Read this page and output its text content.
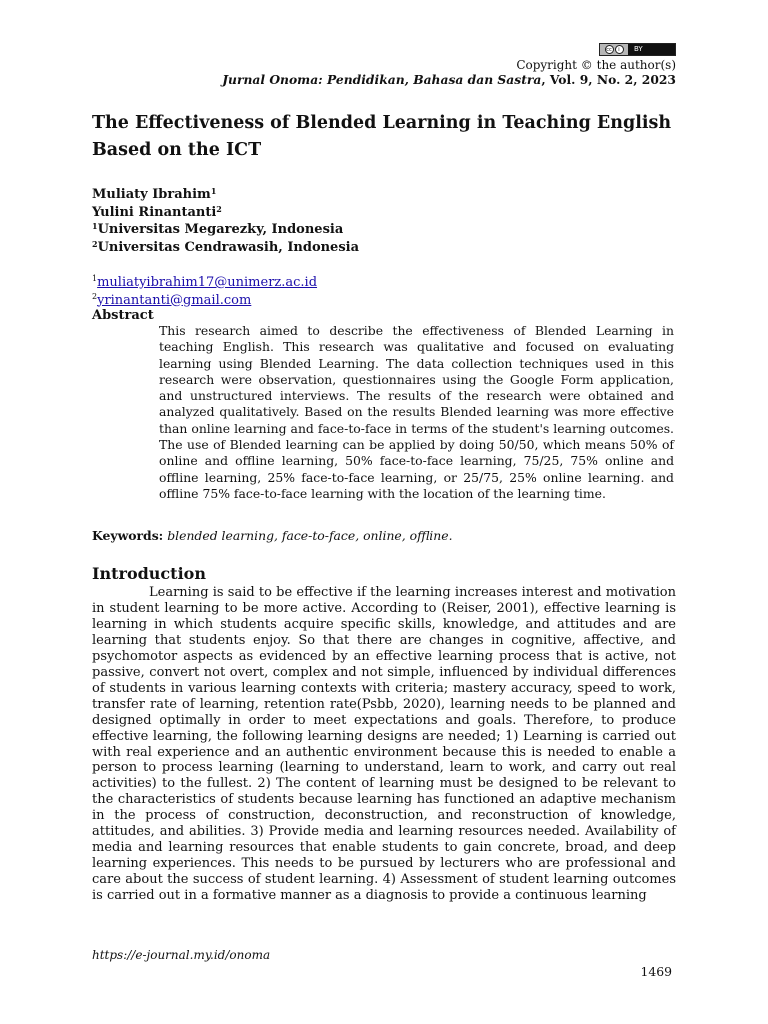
cc	i	BY
Copyright © the author(s)
Jurnal Onoma: Pendidikan, Bahasa dan Sastra, Vol. 9, No. 2, 2023
The Effectiveness of Blended Learning in Teaching English Based on the ICT
Muliaty Ibrahim$^1$
Yulini Rinantanti$^2$
$^1$Universitas Megarezky, Indonesia
$^2$Universitas Cendrawasih, Indonesia
$^1$muliatyibrahim17@unimerz.ac.id
$^2$yrinantanti@gmail.com
Abstract
This research aimed to describe the effectiveness of Blended Learning in teaching English. This research was qualitative and focused on evaluating learning using Blended Learning. The data collection techniques used in this research were observation, questionnaires using the Google Form application, and unstructured interviews. The results of the research were obtained and analyzed qualitatively. Based on the results Blended learning was more effective than online learning and face-to-face in terms of the student's learning outcomes. The use of Blended learning can be applied by doing 50/50, which means 50% of online and offline learning, 50% face-to-face learning, 75/25, 75% online and offline learning, 25% face-to-face learning, or 25/75, 25% online learning. and offline 75% face-to-face learning with the location of the learning time.
Keywords: blended learning, face-to-face, online, offline.
Introduction
Learning is said to be effective if the learning increases interest and motivation in student learning to be more active. According to (Reiser, 2001), effective learning is learning in which students acquire specific skills, knowledge, and attitudes and are learning that students enjoy. So that there are changes in cognitive, affective, and psychomotor aspects as evidenced by an effective learning process that is active, not passive, convert not overt, complex and not simple, influenced by individual differences of students in various learning contexts with criteria; mastery accuracy, speed to work, transfer rate of learning, retention rate(Psbb, 2020), learning needs to be planned and designed optimally in order to meet expectations and goals. Therefore, to produce effective learning, the following learning designs are needed; 1) Learning is carried out with real experience and an authentic environment because this is needed to enable a person to process learning (learning to understand, learn to work, and carry out real activities) to the fullest. 2) The content of learning must be designed to be relevant to the characteristics of students because learning has functioned an adaptive mechanism in the process of construction, deconstruction, and reconstruction of knowledge, attitudes, and abilities. 3) Provide media and learning resources needed. Availability of media and learning resources that enable students to gain concrete, broad, and deep learning experiences. This needs to be pursued by lecturers who are professional and care about the success of student learning. 4) Assessment of student learning outcomes is carried out in a formative manner as a diagnosis to provide a continuous learning
https://e-journal.my.id/onoma
1469
